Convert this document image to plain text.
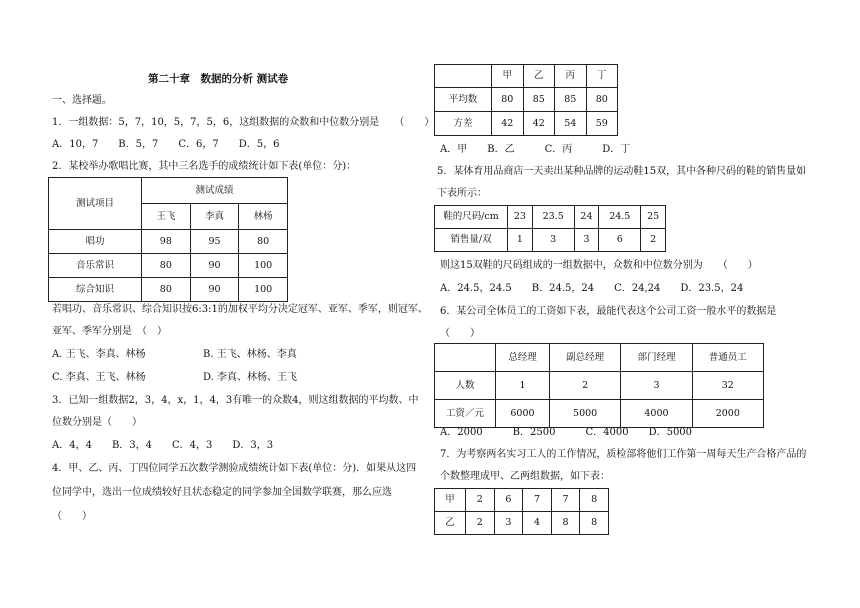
第二十章　数据的分析 测试卷
一、选择题。
1．一组数据：5，7，10，5，7，5，6，这组数据的众数和中位数分别是　　（　　）
A．10，7　　B．5，7　　C．6，7　　D．5，6
2．某校举办歌唱比赛，其中三名选手的成绩统计如下表(单位：分)：
测试项目	测试成绩		
	王飞	李真	林杨
唱功	98	95	80
音乐常识	80	90	100
综合知识	80	90	100
若唱功、音乐常识、综合知识按6:3:1的加权平均分决定冠军、亚军、季军，则冠军、
亚军、季军分别是　（　）
A. 王飞、李真、林杨	B. 王飞、林杨、李真
C. 李真、王飞、林杨	D. 李真、林杨、王飞
3．已知一组数据2，3，4，x，1，4，3有唯一的众数4，则这组数据的平均数、中
位数分别是（　　）
A．4，4　　B．3，4　　C．4，3　　D．3，3
4．甲、乙、丙、丁四位同学五次数学测验成绩统计如下表(单位：分)．如果从这四
位同学中，选出一位成绩较好且状态稳定的同学参加全国数学联赛，那么应选
（　　）
	甲	乙	丙	丁
平均数	80	85	85	80
方差	42	42	54	59
A．甲　　B．乙　　　C．丙　　　D．丁
5．某体育用品商店一天卖出某种品牌的运动鞋15双，其中各种尺码的鞋的销售量如
下表所示：
鞋的尺码/cm	23	23.5	24	24.5	25
销售量/双	1	3	3	6	2
则这15双鞋的尺码组成的一组数据中，众数和中位数分别为　　（　　）
A．24.5，24.5　　B．24.5，24　　C．24,24　　D．23.5，24
6．某公司全体员工的工资如下表，最能代表这个公司工资一般水平的数据是
（　　）
	总经理	副总经理	部门经理	普通员工
人数	1	2	3	32
工资／元	6000	5000	4000	2000
A．2000　　　B．2500　　　C．4000　　D．5000
7．为考察两名实习工人的工作情况，质检部将他们工作第一周每天生产合格产品的
个数整理成甲、乙两组数据，如下表：
甲	2	6	7	7	8
乙	2	3	4	8	8
